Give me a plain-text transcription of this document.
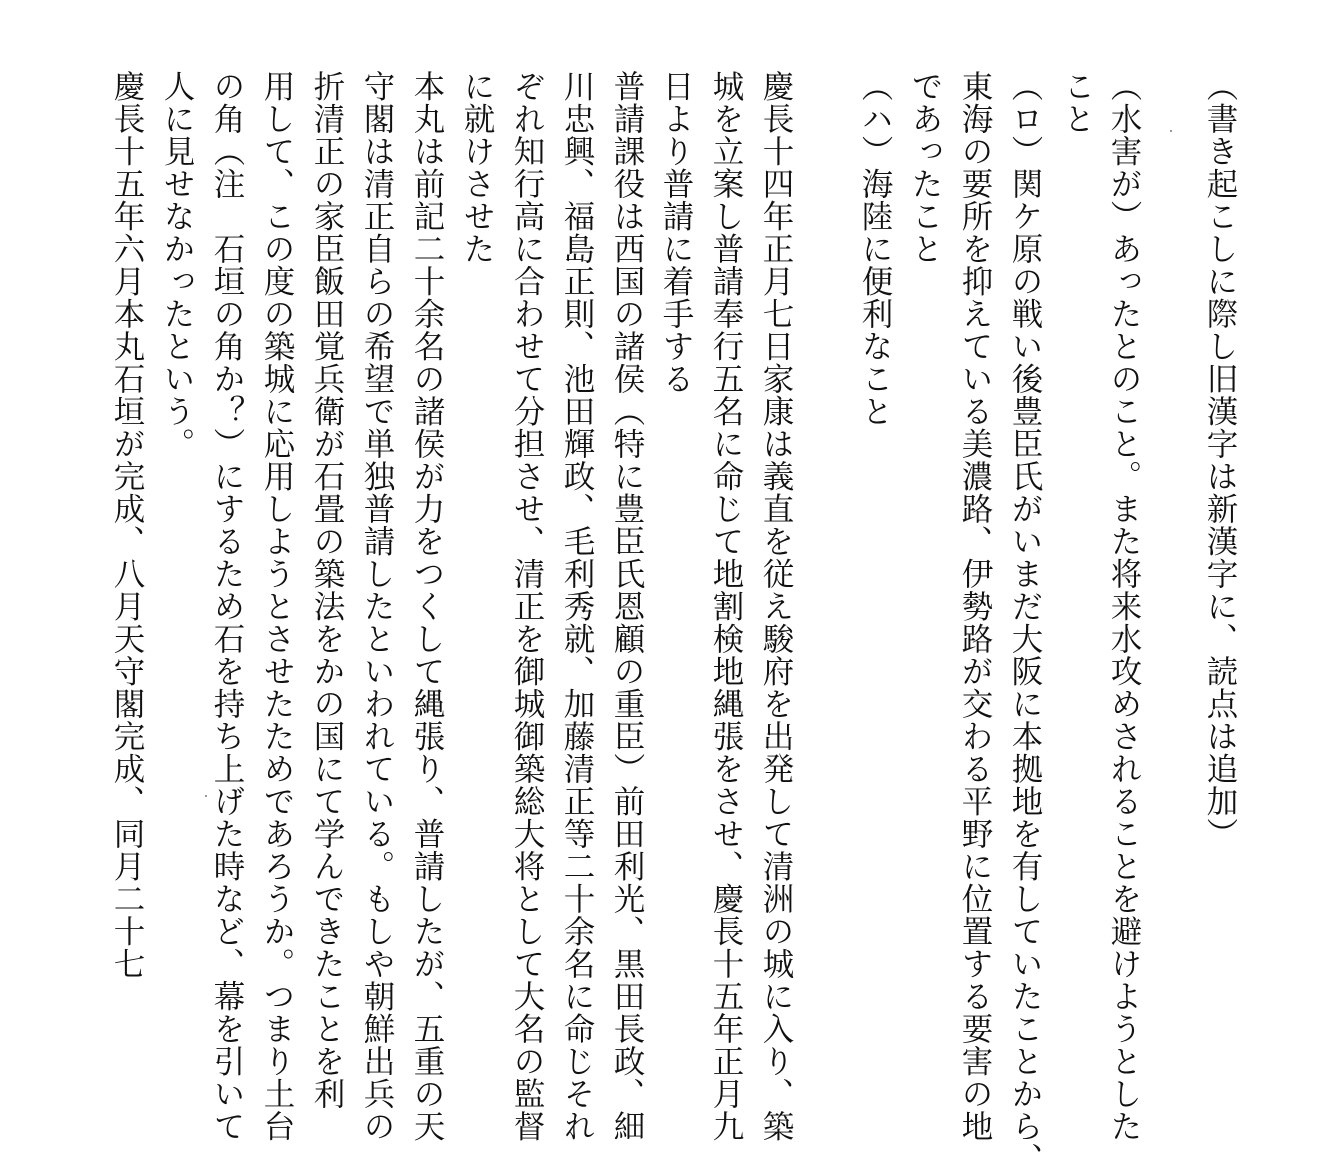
（書き起こしに際し旧漢字は新漢字に、読点は追加）
（水害が）あったとのこと。また将来水攻めされることを避けようとした
こと
（ロ）関ケ原の戦い後豊臣氏がいまだ大阪に本拠地を有していたことから、
東海の要所を抑えている美濃路、伊勢路が交わる平野に位置する要害の地
であったこと
（ハ）海陸に便利なこと
慶長十四年正月七日家康は義直を従え駿府を出発して清洲の城に入り、築
城を立案し普請奉行五名に命じて地割検地縄張をさせ、慶長十五年正月九
日より普請に着手する
普請課役は西国の諸侯（特に豊臣氏恩顧の重臣）前田利光、黒田長政、細
川忠興、福島正則、池田輝政、毛利秀就、加藤清正等二十余名に命じそれ
ぞれ知行高に合わせて分担させ、清正を御城御築総大将として大名の監督
に就けさせた
本丸は前記二十余名の諸侯が力をつくして縄張り、普請したが、五重の天
守閣は清正自らの希望で単独普請したといわれている。もしや朝鮮出兵の
折清正の家臣飯田覚兵衛が石畳の築法をかの国にて学んできたことを利
用して、この度の築城に応用しようとさせたためであろうか。つまり土台
の角（注　石垣の角か？）にするため石を持ち上げた時など、幕を引いて
人に見せなかったという。
慶長十五年六月本丸石垣が完成、八月天守閣完成、同月二十七
